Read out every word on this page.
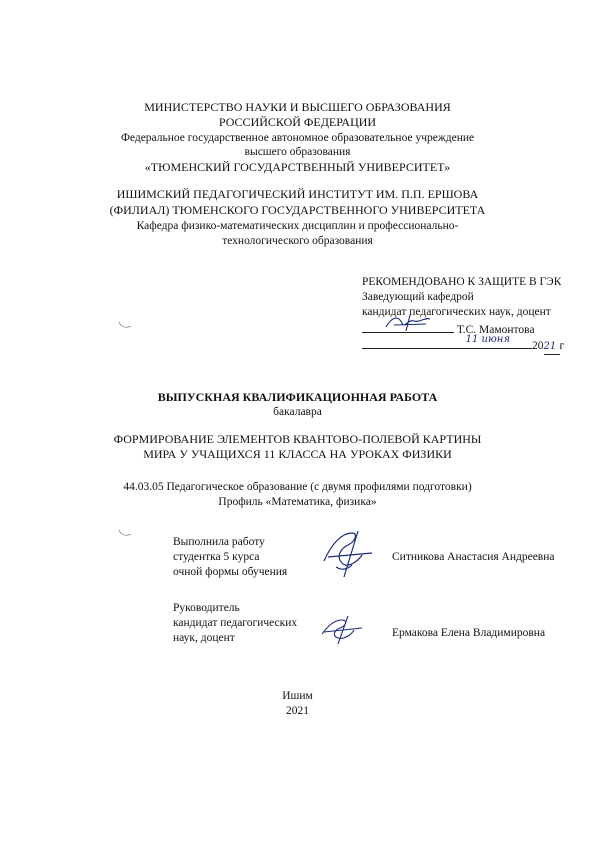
МИНИСТЕРСТВО НАУКИ И ВЫСШЕГО ОБРАЗОВАНИЯ
РОССИЙСКОЙ ФЕДЕРАЦИИ
Федеральное государственное автономное образовательное учреждение
высшего образования
«ТЮМЕНСКИЙ ГОСУДАРСТВЕННЫЙ УНИВЕРСИТЕТ»
ИШИМСКИЙ ПЕДАГОГИЧЕСКИЙ ИНСТИТУТ ИМ. П.П. ЕРШОВА
(ФИЛИАЛ) ТЮМЕНСКОГО ГОСУДАРСТВЕННОГО УНИВЕРСИТЕТА
Кафедра физико-математических дисциплин и профессионально-
технологического образования
РЕКОМЕНДОВАНО К ЗАЩИТЕ В ГЭК
Заведующий кафедрой
кандидат педагогических наук, доцент
Т.С. Мамонтова
11 июня
2021 г
ВЫПУСКНАЯ КВАЛИФИКАЦИОННАЯ РАБОТА
бакалавра
ФОРМИРОВАНИЕ ЭЛЕМЕНТОВ КВАНТОВО-ПОЛЕВОЙ КАРТИНЫ
МИРА У УЧАЩИХСЯ 11 КЛАССА НА УРОКАХ ФИЗИКИ
44.03.05 Педагогическое образование (с двумя профилями подготовки)
Профиль «Математика, физика»
Выполнила работу
студентка 5 курса
очной формы обучения
Ситникова Анастасия Андреевна
Руководитель
кандидат педагогических
наук, доцент	Ермакова Елена Владимировна
Ишим
2021
